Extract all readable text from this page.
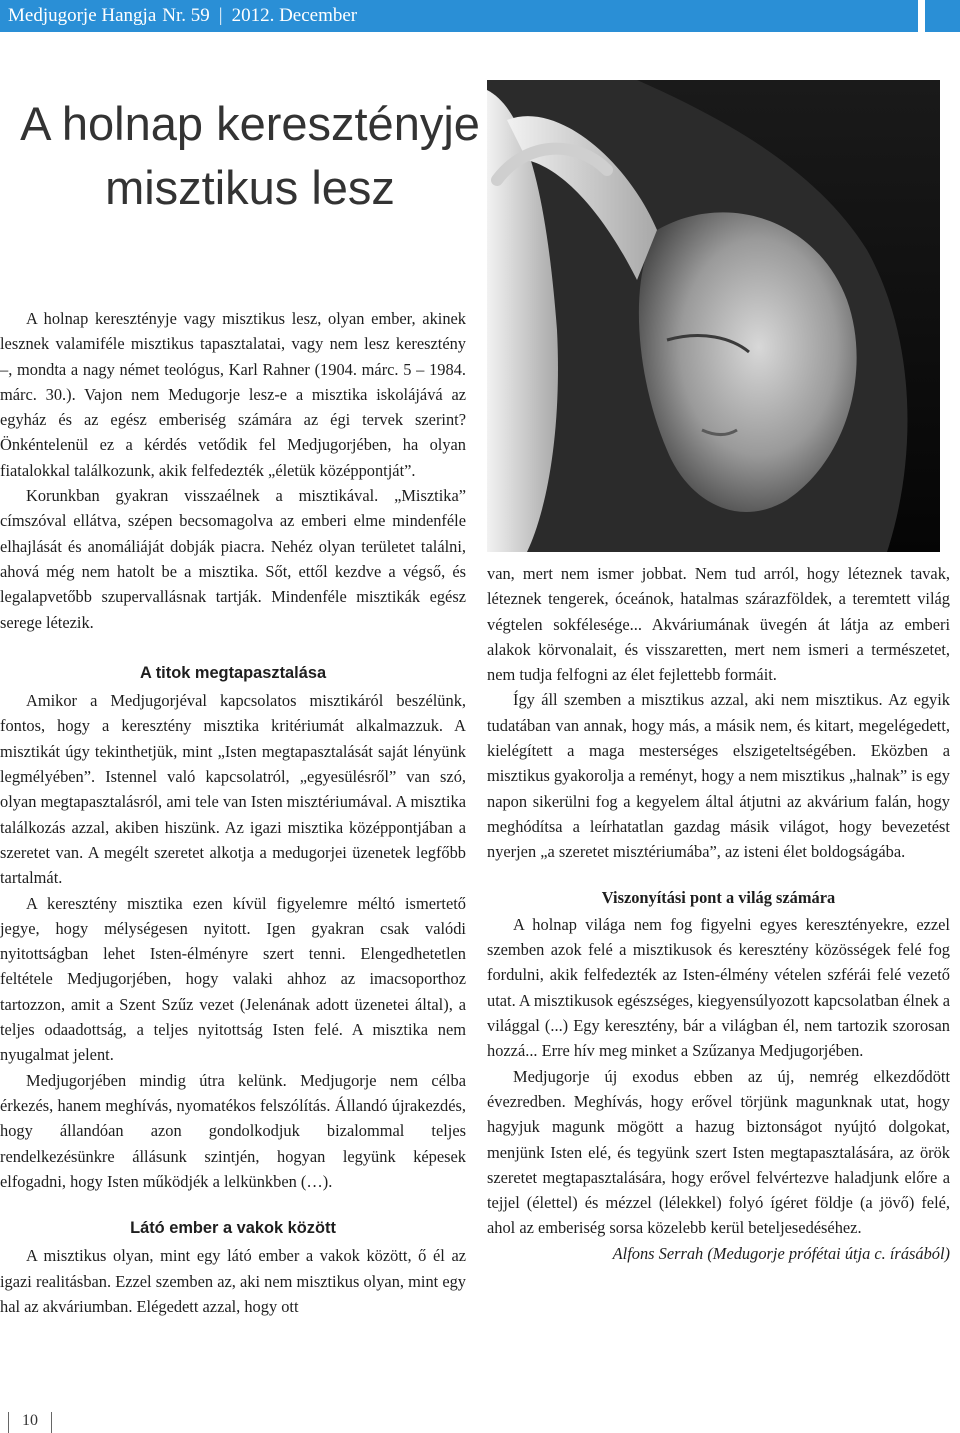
Medjugorje Hangja Nr. 59 | 2012. December
A holnap keresztényje
misztikus lesz

A holnap keresztényje vagy misztikus lesz, olyan ember, akinek lesznek valamiféle misztikus tapasztalatai, vagy nem lesz keresztény –, mondta a nagy német teológus, Karl Rahner (1904. márc. 5 – 1984. márc. 30.). Vajon nem Medugorje lesz-e a misztika iskolájává az egyház és az egész emberiség számára az égi tervek szerint? Önkéntelenül ez a kérdés vetődik fel Medjugorjében, ha olyan fiatalokkal találkozunk, akik felfedezték „életük középpontját”.

Korunkban gyakran visszaélnek a misztikával. „Misztika” címszóval ellátva, szépen becsomagolva az emberi elme mindenféle elhajlását és anomáliáját dobják piacra. Nehéz olyan területet találni, ahová még nem hatolt be a misztika. Sőt, ettől kezdve a végső, és legalapvetőbb szupervallásnak tartják. Mindenféle misztikák egész serege létezik.

A titok megtapasztalása

Amikor a Medjugorjéval kapcsolatos misztikáról beszélünk, fontos, hogy a keresztény misztika kritériumát alkalmazzuk. A misztikát úgy tekinthetjük, mint „Isten megtapasztalását saját lényünk legmélyében”. Istennel való kapcsolatról, „egyesülésről” van szó, olyan megtapasztalásról, ami tele van Isten misztériumával. A misztika találkozás azzal, akiben hiszünk. Az igazi misztika középpontjában a szeretet van. A megélt szeretet alkotja a medugorjei üzenetek legfőbb tartalmát.

A keresztény misztika ezen kívül figyelemre méltó ismertető jegye, hogy mélységesen nyitott. Igen gyakran csak valódi nyitottságban lehet Isten-élményre szert tenni. Elengedhetetlen feltétele Medjugorjében, hogy valaki ahhoz az imacsoporthoz tartozzon, amit a Szent Szűz vezet (Jelenának adott üzenetei által), a teljes odaadottság, a teljes nyitottság Isten felé. A misztika nem nyugalmat jelent.

Medjugorjében mindig útra kelünk. Medjugorje nem célba érkezés, hanem meghívás, nyomatékos felszólítás. Állandó újrakezdés, hogy állandóan azon gondolkodjuk bizalommal teljes rendelkezésünkre állásunk szintjén, hogyan legyünk képesek elfogadni, hogy Isten működjék a lelkünkben (…).

Látó ember a vakok között

A misztikus olyan, mint egy látó ember a vakok között, ő él az igazi realitásban. Ezzel szemben az, aki nem misztikus olyan, mint egy hal az akváriumban. Elégedett azzal, hogy ott

van, mert nem ismer jobbat. Nem tud arról, hogy léteznek tavak, léteznek tengerek, óceánok, hatalmas szárazföldek, a teremtett világ végtelen sokfélesége... Akváriumának üvegén át látja az emberi alakok körvonalait, és visszaretten, mert nem ismeri a természetet, nem tudja felfogni az élet fejlettebb formáit.

Így áll szemben a misztikus azzal, aki nem misztikus. Az egyik tudatában van annak, hogy más, a másik nem, és kitart, megelégedett, kielégített a maga mesterséges elszigeteltségében. Eközben a misztikus gyakorolja a reményt, hogy a nem misztikus „halnak” is egy napon sikerülni fog a kegyelem által átjutni az akvárium falán, hogy meghódítsa a leírhatatlan gazdag másik világot, hogy bevezetést nyerjen „a szeretet misztériumába”, az isteni élet boldogságába.

Viszonyítási pont a világ számára

A holnap világa nem fog figyelni egyes keresztényekre, ezzel szemben azok felé a misztikusok és keresztény közösségek felé fog fordulni, akik felfedezték az Isten-élmény vételen szférái felé vezető utat. A misztikusok egészséges, kiegyensúlyozott kapcsolatban élnek a világgal (...) Egy keresztény, bár a világban él, nem tartozik szorosan hozzá... Erre hív meg minket a Szűzanya Medjugorjében.

Medjugorje új exodus ebben az új, nemrég elkezdődött évezredben. Meghívás, hogy erővel törjünk magunknak utat, hogy hagyjuk magunk mögött a hazug biztonságot nyújtó dolgokat, menjünk Isten elé, és tegyünk szert Isten megtapasztalására, az örök szeretet megtapasztalására, hogy erővel felvértezve haladjunk előre a tejjel (élettel) és mézzel (lélekkel) folyó ígéret földje (a jövő) felé, ahol az emberiség sorsa közelebb kerül beteljesedéséhez.

Alfons Serrah (Medugorje prófétai útja c. írásából)

10
